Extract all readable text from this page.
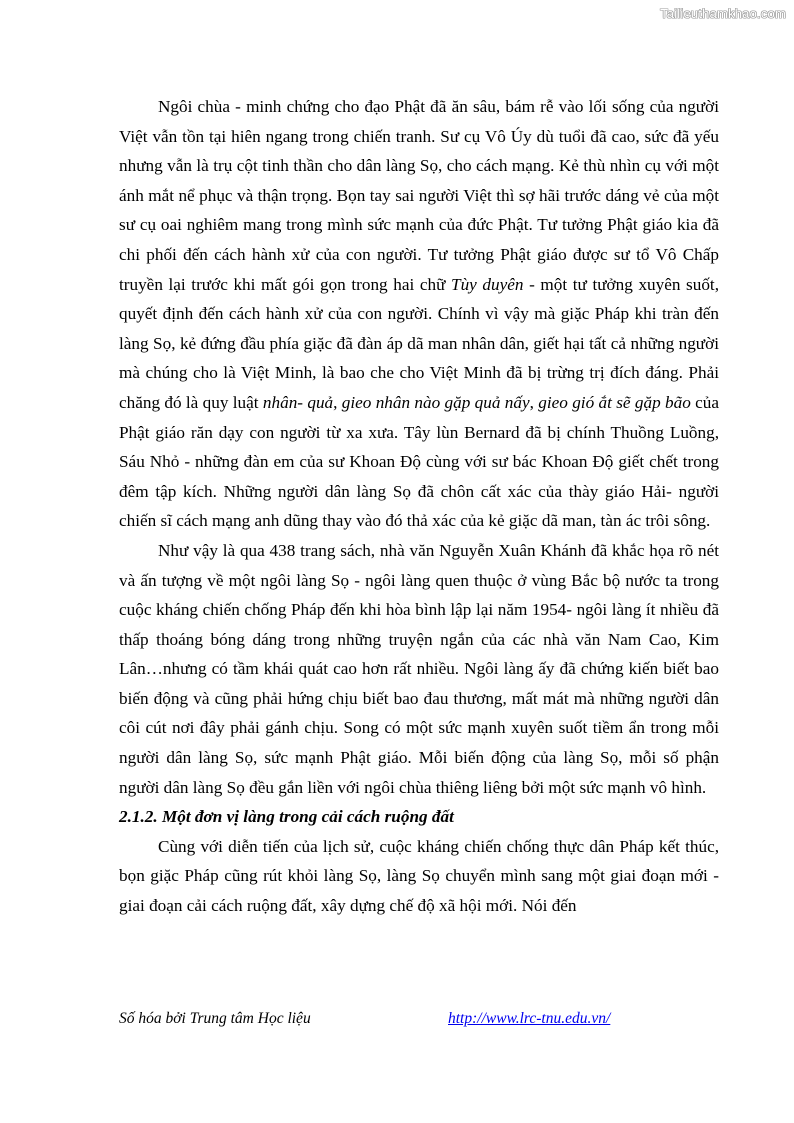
Tailieuthamkhao.com

Ngôi chùa - minh chứng cho đạo Phật đã ăn sâu, bám rễ vào lối sống của người Việt vẫn tồn tại hiên ngang trong chiến tranh. Sư cụ Vô Úy dù tuổi đã cao, sức đã yếu nhưng vẫn là trụ cột tinh thần cho dân làng Sọ, cho cách mạng. Kẻ thù nhìn cụ với một ánh mắt nể phục và thận trọng. Bọn tay sai người Việt thì sợ hãi trước dáng vẻ của một sư cụ oai nghiêm mang trong mình sức mạnh của đức Phật. Tư tưởng Phật giáo kia đã chi phối đến cách hành xử của con người. Tư tưởng Phật giáo được sư tổ Vô Chấp truyền lại trước khi mất gói gọn trong hai chữ Tùy duyên - một tư tưởng xuyên suốt, quyết định đến cách hành xử của con người. Chính vì vậy mà giặc Pháp khi tràn đến làng Sọ, kẻ đứng đầu phía giặc đã đàn áp dã man nhân dân, giết hại tất cả những người mà chúng cho là Việt Minh, là bao che cho Việt Minh đã bị trừng trị đích đáng. Phải chăng đó là quy luật nhân- quả, gieo nhân nào gặp quả nấy, gieo gió ắt sẽ gặp bão của Phật giáo răn dạy con người từ xa xưa. Tây lùn Bernard đã bị chính Thuồng Luồng, Sáu Nhỏ - những đàn em của sư Khoan Độ cùng với sư bác Khoan Độ giết chết trong đêm tập kích. Những người dân làng Sọ đã chôn cất xác của thày giáo Hải- người chiến sĩ cách mạng anh dũng thay vào đó thả xác của kẻ giặc dã man, tàn ác trôi sông.

Như vậy là qua 438 trang sách, nhà văn Nguyễn Xuân Khánh đã khắc họa rõ nét và ấn tượng về một ngôi làng Sọ - ngôi làng quen thuộc ở vùng Bắc bộ nước ta trong cuộc kháng chiến chống Pháp đến khi hòa bình lập lại năm 1954- ngôi làng ít nhiều đã thấp thoáng bóng dáng trong những truyện ngắn của các nhà văn Nam Cao, Kim Lân…nhưng có tầm khái quát cao hơn rất nhiều. Ngôi làng ấy đã chứng kiến biết bao biến động và cũng phải hứng chịu biết bao đau thương, mất mát mà những người dân côi cút nơi đây phải gánh chịu. Song có một sức mạnh xuyên suốt tiềm ẩn trong mỗi người dân làng Sọ, sức mạnh Phật giáo. Mỗi biến động của làng Sọ, mỗi số phận người dân làng Sọ đều gắn liền với ngôi chùa thiêng liêng bởi một sức mạnh vô hình.

2.1.2. Một đơn vị làng trong cải cách ruộng đất

Cùng với diễn tiến của lịch sử, cuộc kháng chiến chống thực dân Pháp kết thúc, bọn giặc Pháp cũng rút khỏi làng Sọ, làng Sọ chuyển mình sang một giai đoạn mới - giai đoạn cải cách ruộng đất, xây dựng chế độ xã hội mới. Nói đến

Số hóa bởi Trung tâm Học liệu	http://www.lrc-tnu.edu.vn/
